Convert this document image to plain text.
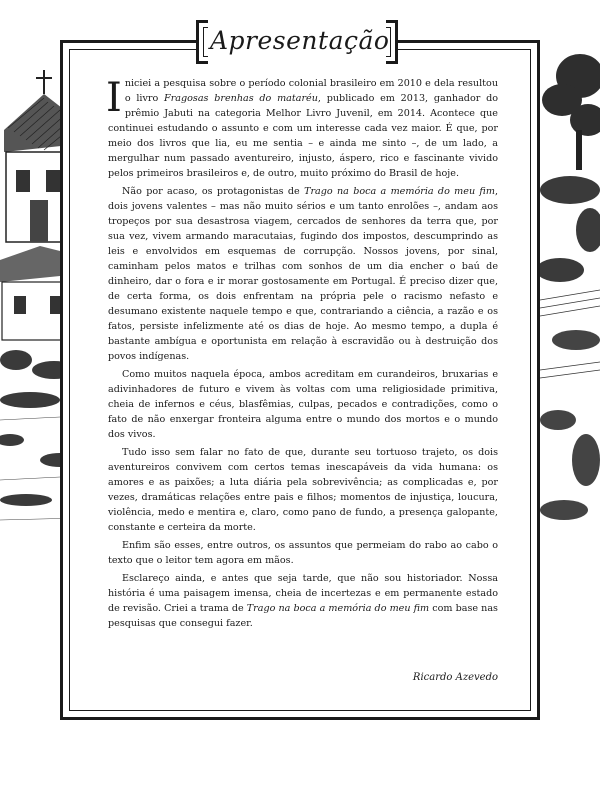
Apresentação

Iniciei a pesquisa sobre o período colonial brasileiro em 2010 e dela resultou o livro Fragosas brenhas do mataréu, publicado em 2013, ganhador do prêmio Jabuti na categoria Melhor Livro Juvenil, em 2014. Acontece que continuei estudando o assunto e com um interesse cada vez maior. É que, por meio dos livros que lia, eu me sentia – e ainda me sinto –, de um lado, a mergulhar num passado aventureiro, injusto, áspero, rico e fascinante vivido pelos primeiros brasileiros e, de outro, muito próximo do Brasil de hoje.

Não por acaso, os protagonistas de Trago na boca a memória do meu fim, dois jovens valentes – mas não muito sérios e um tanto enrolões –, andam aos tropeços por sua desastrosa viagem, cercados de senhores da terra que, por sua vez, vivem armando maracutaias, fugindo dos impostos, descumprindo as leis e envolvidos em esquemas de corrupção. Nossos jovens, por sinal, caminham pelos matos e trilhas com sonhos de um dia encher o baú de dinheiro, dar o fora e ir morar gostosamente em Portugal. É preciso dizer que, de certa forma, os dois enfrentam na própria pele o racismo nefasto e desumano existente naquele tempo e que, contrariando a ciência, a razão e os fatos, persiste infelizmente até os dias de hoje. Ao mesmo tempo, a dupla é bastante ambígua e oportunista em relação à escravidão ou à destruição dos povos indígenas.

Como muitos naquela época, ambos acreditam em curandeiros, bruxarias e adivinhadores de futuro e vivem às voltas com uma religiosidade primitiva, cheia de infernos e céus, blasfêmias, culpas, pecados e contradições, como o fato de não enxergar fronteira alguma entre o mundo dos mortos e o mundo dos vivos.

Tudo isso sem falar no fato de que, durante seu tortuoso trajeto, os dois aventureiros convivem com certos temas inescapáveis da vida humana: os amores e as paixões; a luta diária pela sobrevivência; as complicadas e, por vezes, dramáticas relações entre pais e filhos; momentos de injustiça, loucura, violência, medo e mentira e, claro, como pano de fundo, a presença galopante, constante e certeira da morte.

Enfim são esses, entre outros, os assuntos que permeiam do rabo ao cabo o texto que o leitor tem agora em mãos.

Esclareço ainda, e antes que seja tarde, que não sou historiador. Nossa história é uma paisagem imensa, cheia de incertezas e em permanente estado de revisão. Criei a trama de Trago na boca a memória do meu fim com base nas pesquisas que consegui fazer.

Ricardo Azevedo
